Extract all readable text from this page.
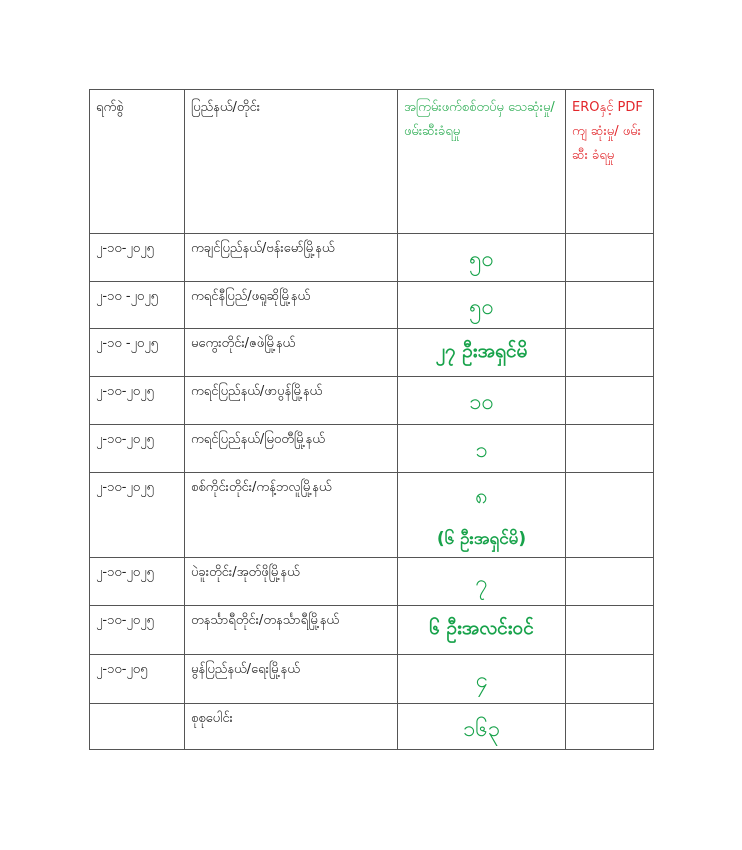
ရက်စွဲ	ပြည်နယ်/တိုင်း	အကြမ်းဖက်စစ်တပ်မှ သေဆုံးမှု/ ဖမ်းဆီးခံရမှု	EROနှင့် PDF ကျ ဆုံးမှု/ ဖမ်းဆီး ခံရမှု

၂-၁၀-၂၀၂၅	ကချင်ပြည်နယ်/ဗန်းမော်မြို့နယ်	၅၀	

၂-၁၀ -၂၀၂၅	ကရင်နီပြည်/ဖရူဆိုမြို့နယ်	၅၀	

၂-၁၀ -၂၀၂၅	မကွေးတိုင်း/ဇဖဲမြို့နယ်	၂၇ ဦးအရှင်မိ	

၂-၁၀-၂၀၂၅	ကရင်ပြည်နယ်/ဖာပွန်မြို့နယ်	၁၀	

၂-၁၀-၂၀၂၅	ကရင်ပြည်နယ်/မြဝတီမြို့နယ်	၁	

၂-၁၀-၂၀၂၅	စစ်ကိုင်းတိုင်း/ကန့်ဘလူမြို့နယ်	၈
(၆ ဦးအရှင်မိ)	

၂-၁၀-၂၀၂၅	ပဲခူးတိုင်း/အုတ်ဖိုမြို့နယ်	၇	

၂-၁၀-၂၀၂၅	တနင်္သာရီတိုင်း/တနင်္သာရီမြို့နယ်	၆ ဦးအလင်းဝင်	

၂-၁၀-၂၀၅	မွန်ပြည်နယ်/ရေးမြို့နယ်	၄	

	စုစုပေါင်း	၁၆၃	
